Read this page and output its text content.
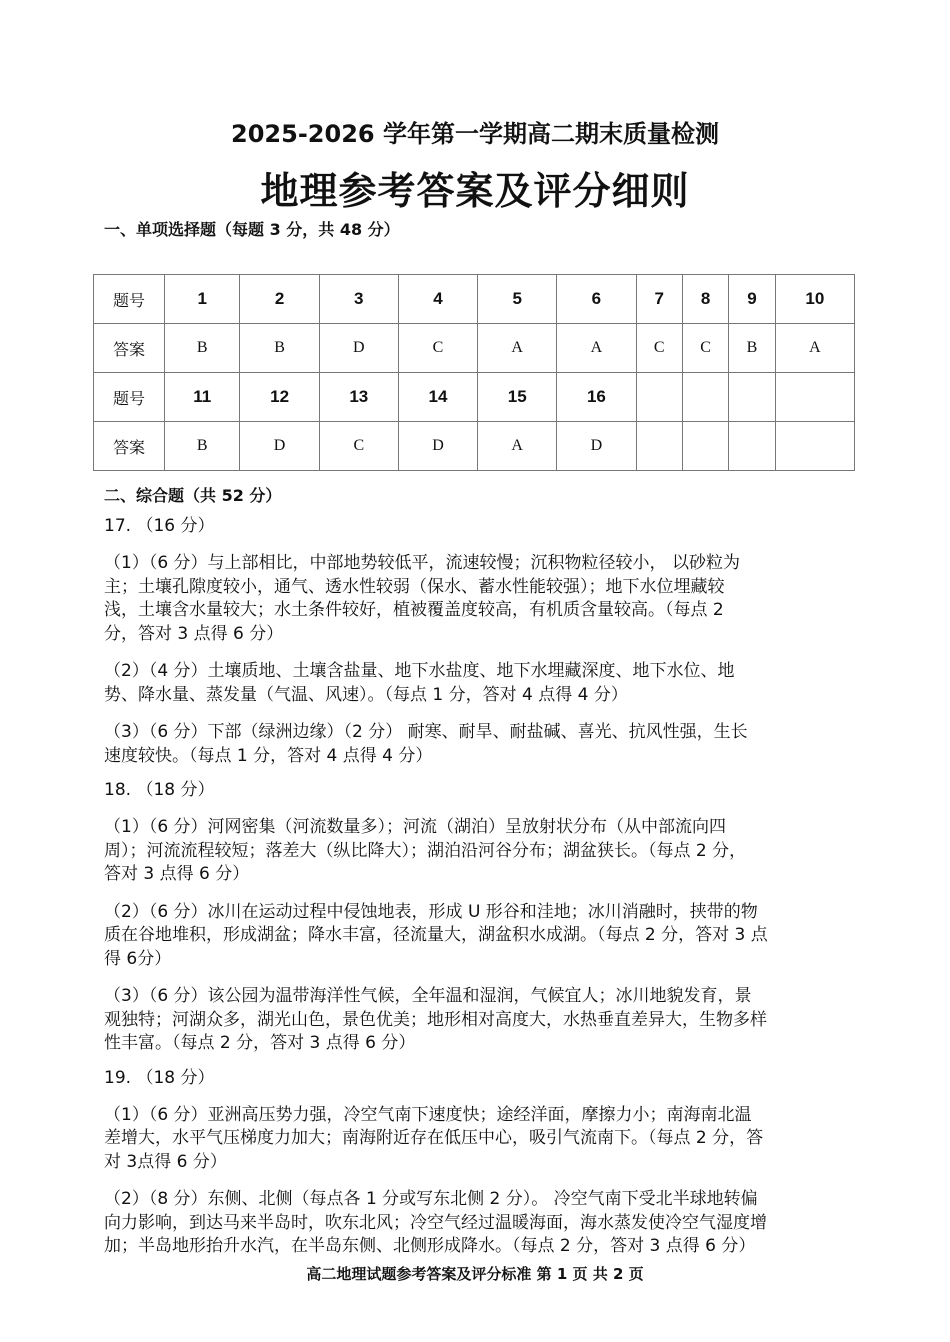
2025-2026 学年第一学期高二期末质量检测
地理参考答案及评分细则
一、单项选择题（每题 3 分，共 48 分）
题号	1	2	3	4	5	6	7	8	9	10
答案	B	B	D	C	A	A	C	C	B	A
题号	11	12	13	14	15	16				
答案	B	D	C	D	A	D				
二、综合题（共 52 分）
17. （16 分）
（1）（6 分）与上部相比，中部地势较低平，流速较慢；沉积物粒径较小， 以砂粒为
主；土壤孔隙度较小，通气、透水性较弱（保水、蓄水性能较强）；地下水位埋藏较
浅，土壤含水量较大；水土条件较好，植被覆盖度较高，有机质含量较高。（每点 2
分，答对 3 点得 6 分）
（2）（4 分）土壤质地、土壤含盐量、地下水盐度、地下水埋藏深度、地下水位、地
势、降水量、蒸发量（气温、风速）。（每点 1 分，答对 4 点得 4 分）
（3）（6 分）下部（绿洲边缘）（2 分） 耐寒、耐旱、耐盐碱、喜光、抗风性强，生长
速度较快。（每点 1 分，答对 4 点得 4 分）
18. （18 分）
（1）（6 分）河网密集（河流数量多）；河流（湖泊）呈放射状分布（从中部流向四
周）；河流流程较短；落差大（纵比降大）；湖泊沿河谷分布；湖盆狭长。（每点 2 分，
答对 3 点得 6 分）
（2）（6 分）冰川在运动过程中侵蚀地表，形成 U 形谷和洼地；冰川消融时，挟带的物
质在谷地堆积，形成湖盆；降水丰富，径流量大，湖盆积水成湖。（每点 2 分，答对 3 点
得 6分）
（3）（6 分）该公园为温带海洋性气候，全年温和湿润，气候宜人；冰川地貌发育，景
观独特；河湖众多，湖光山色，景色优美；地形相对高度大，水热垂直差异大，生物多样
性丰富。（每点 2 分，答对 3 点得 6 分）
19. （18 分）
（1）（6 分）亚洲高压势力强，冷空气南下速度快；途经洋面，摩擦力小；南海南北温
差增大，水平气压梯度力加大；南海附近存在低压中心，吸引气流南下。（每点 2 分，答
对 3点得 6 分）
（2）（8 分）东侧、北侧（每点各 1 分或写东北侧 2 分）。 冷空气南下受北半球地转偏
向力影响，到达马来半岛时，吹东北风；冷空气经过温暖海面，海水蒸发使冷空气湿度增
加；半岛地形抬升水汽，在半岛东侧、北侧形成降水。（每点 2 分，答对 3 点得 6 分）
高二地理试题参考答案及评分标准 第 1 页 共 2 页
